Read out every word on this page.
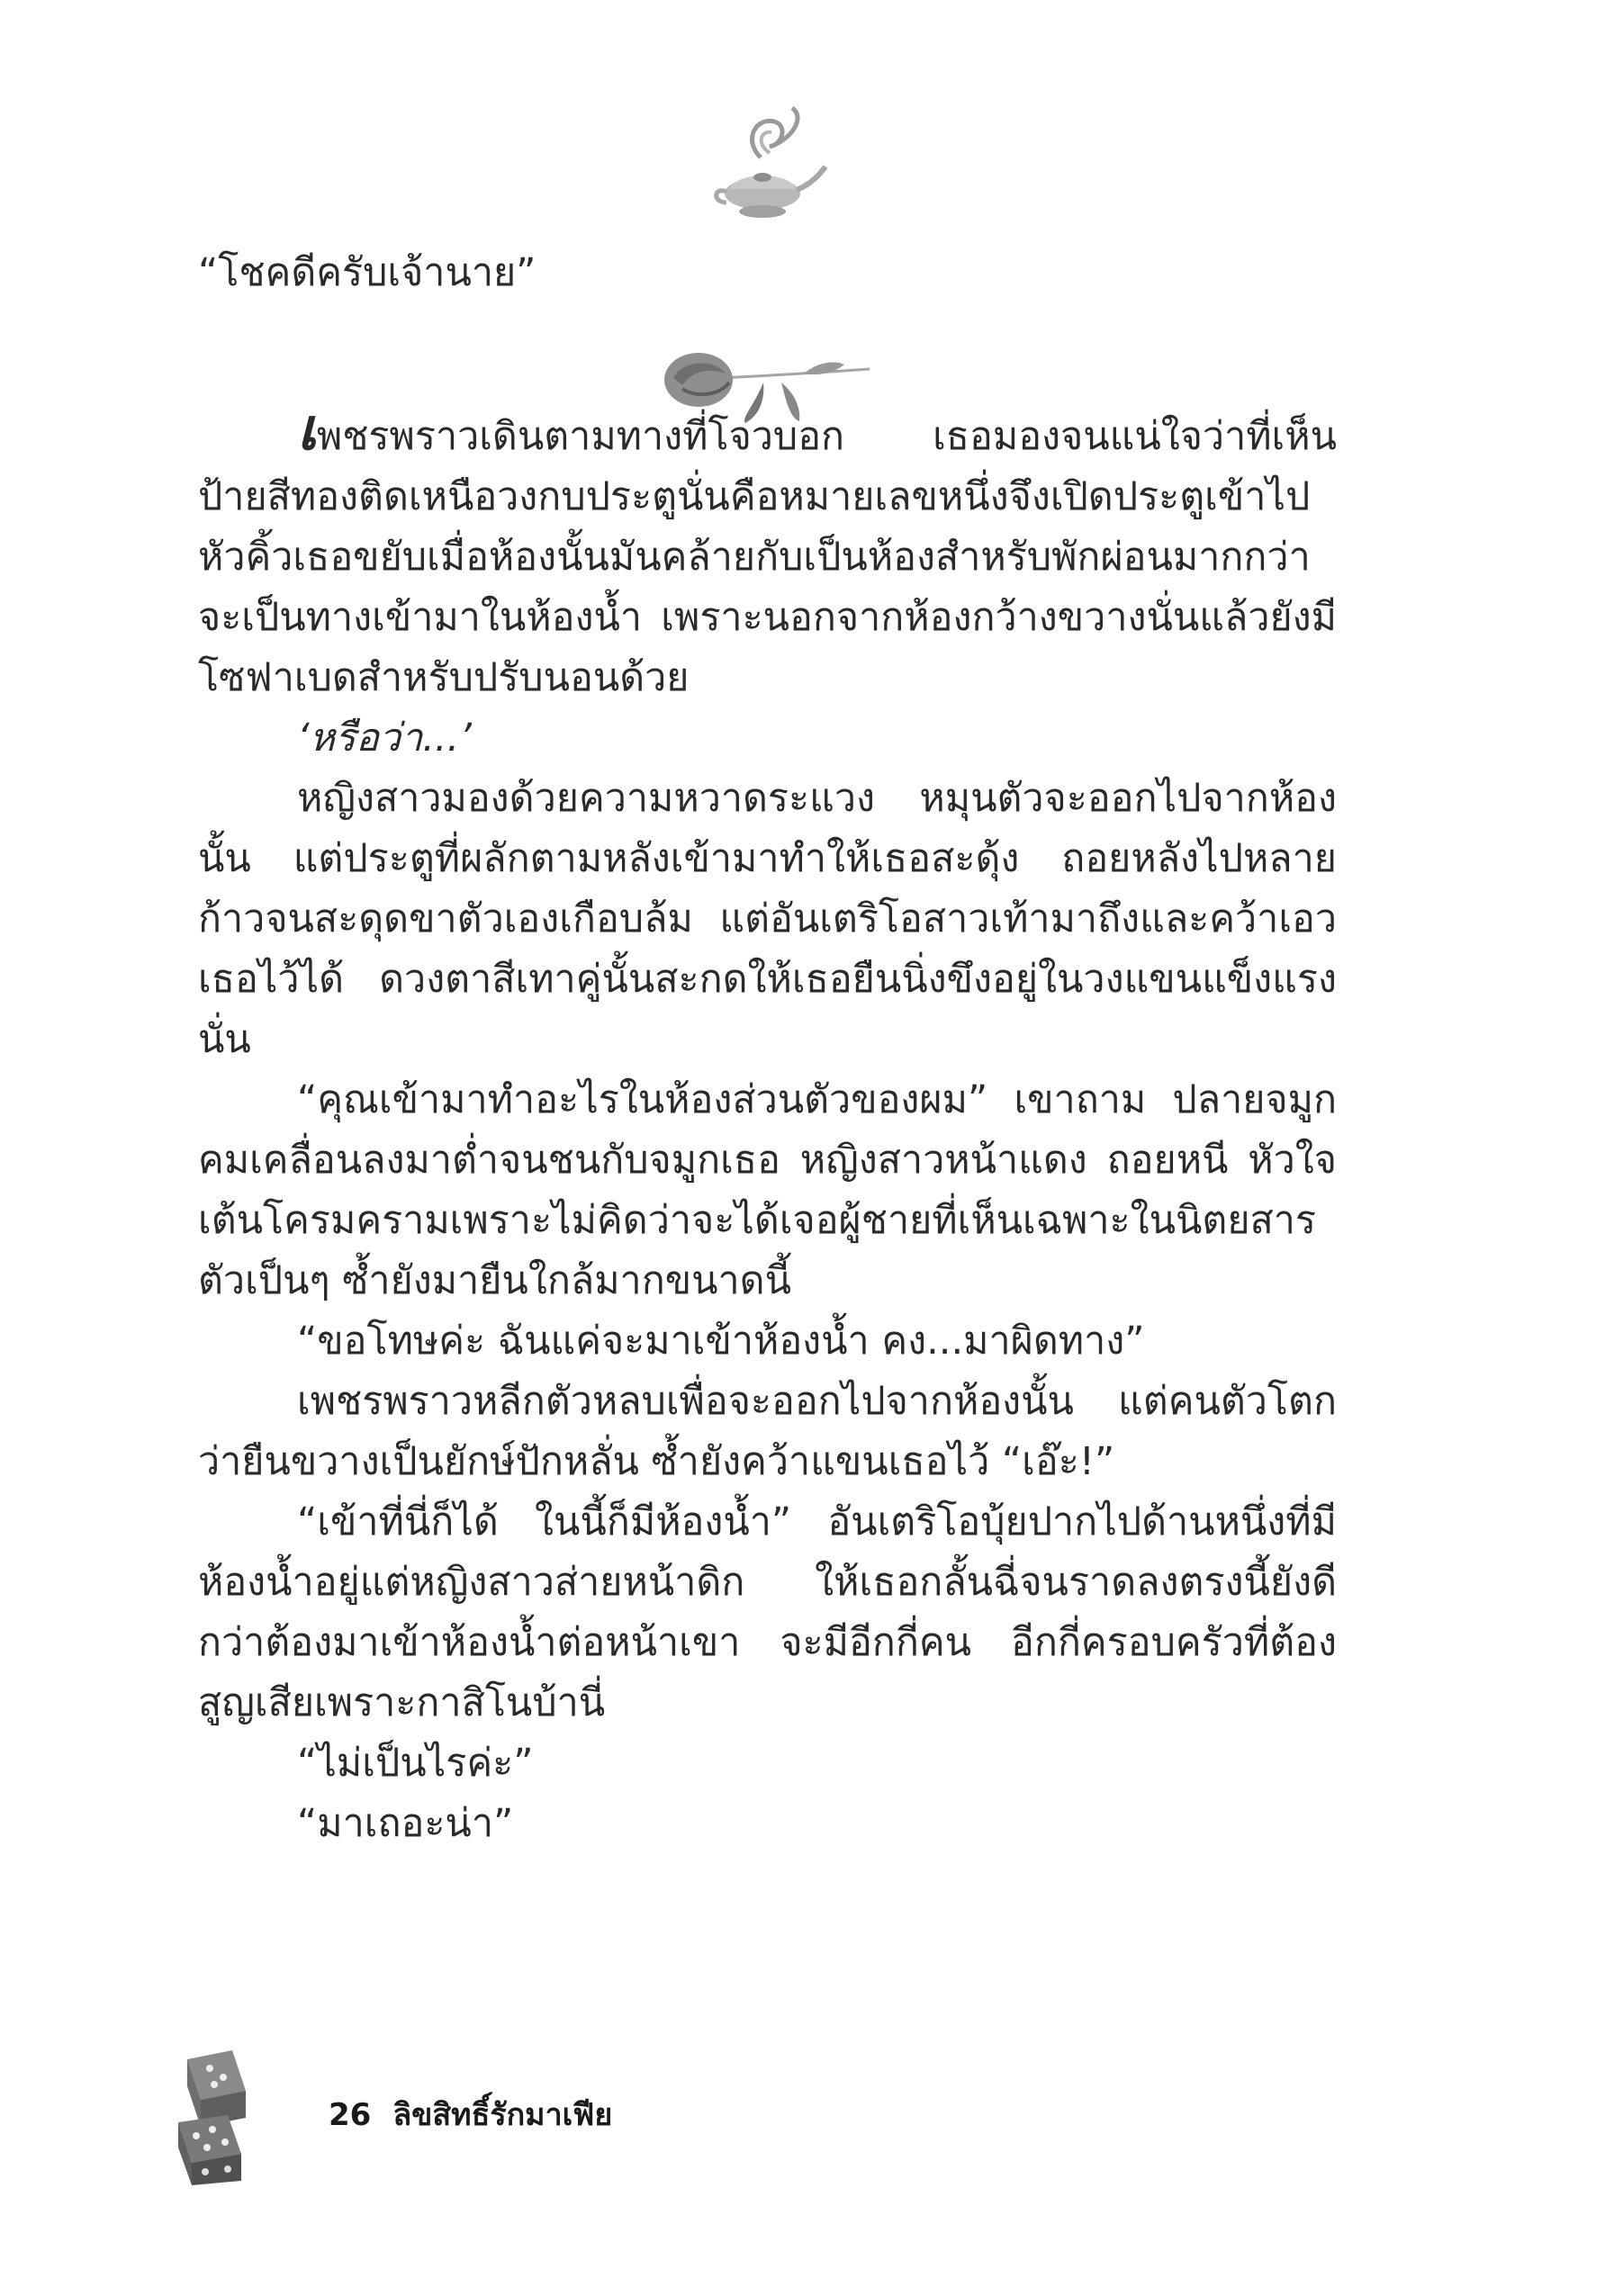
“โชคดีครับเจ้านาย”

เพชรพราวเดินตามทางที่โจวบอก เธอมองจนแน่ใจว่าที่เห็นป้ายสีทองติดเหนือวงกบประตูนั่นคือหมายเลขหนึ่งจึงเปิดประตูเข้าไป หัวคิ้วเธอขยับเมื่อห้องนั้นมันคล้ายกับเป็นห้องสำหรับพักผ่อนมากกว่าจะเป็นทางเข้ามาในห้องน้ำ เพราะนอกจากห้องกว้างขวางนั่นแล้วยังมีโซฟาเบดสำหรับปรับนอนด้วย

‘หรือว่า...’

หญิงสาวมองด้วยความหวาดระแวง หมุนตัวจะออกไปจากห้องนั้น แต่ประตูที่ผลักตามหลังเข้ามาทำให้เธอสะดุ้ง ถอยหลังไปหลายก้าวจนสะดุดขาตัวเองเกือบล้ม แต่อันเตริโอสาวเท้ามาถึงและคว้าเอวเธอไว้ได้ ดวงตาสีเทาคู่นั้นสะกดให้เธอยืนนิ่งขึงอยู่ในวงแขนแข็งแรงนั่น

“คุณเข้ามาทำอะไรในห้องส่วนตัวของผม” เขาถาม ปลายจมูกคมเคลื่อนลงมาต่ำจนชนกับจมูกเธอ หญิงสาวหน้าแดง ถอยหนี หัวใจเต้นโครมครามเพราะไม่คิดว่าจะได้เจอผู้ชายที่เห็นเฉพาะในนิตยสารตัวเป็นๆ ซ้ำยังมายืนใกล้มากขนาดนี้

“ขอโทษค่ะ ฉันแค่จะมาเข้าห้องน้ำ คง...มาผิดทาง”

เพชรพราวหลีกตัวหลบเพื่อจะออกไปจากห้องนั้น แต่คนตัวโตกว่ายืนขวางเป็นยักษ์ปักหลั่น ซ้ำยังคว้าแขนเธอไว้ “เอ๊ะ!”

“เข้าที่นี่ก็ได้ ในนี้ก็มีห้องน้ำ” อันเตริโอบุ้ยปากไปด้านหนึ่งที่มีห้องน้ำอยู่แต่หญิงสาวส่ายหน้าดิก ให้เธอกลั้นฉี่จนราดลงตรงนี้ยังดีกว่าต้องมาเข้าห้องน้ำต่อหน้าเขา จะมีอีกกี่คน อีกกี่ครอบครัวที่ต้องสูญเสียเพราะกาสิโนบ้านี่

“ไม่เป็นไรค่ะ”

“มาเถอะน่า”

26 ลิขสิทธิ์รักมาเฟีย
